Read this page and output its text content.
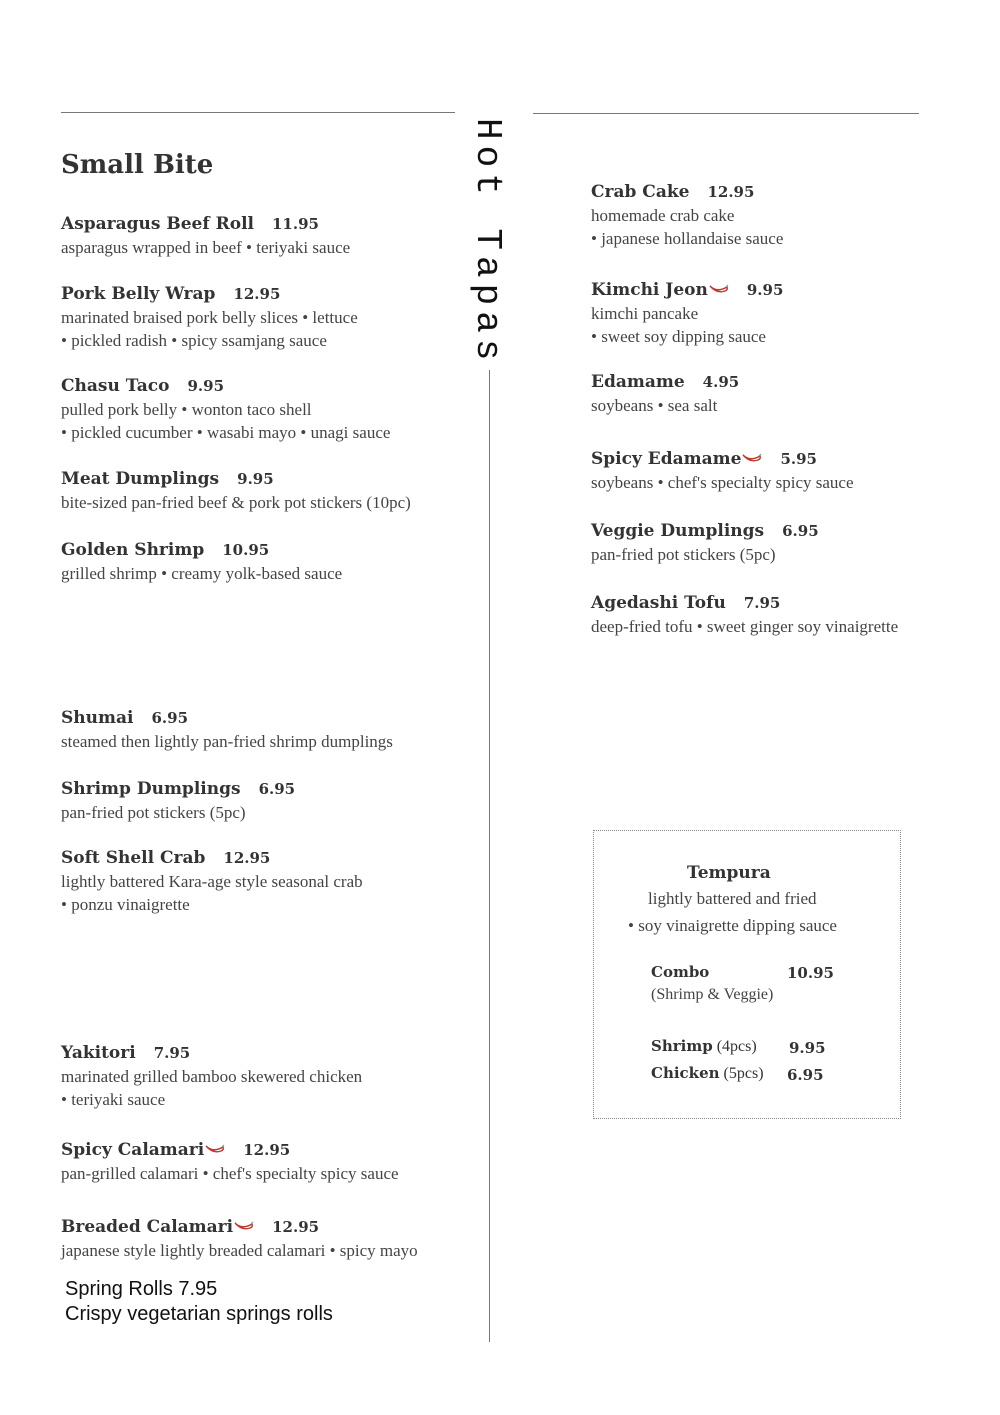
Small Bite	Hot Tapas
Asparagus Beef Roll 11.95
asparagus wrapped in beef • teriyaki sauce
Pork Belly Wrap 12.95
marinated braised pork belly slices • lettuce
• pickled radish • spicy ssamjang sauce
Chasu Taco 9.95
pulled pork belly • wonton taco shell
• pickled cucumber • wasabi mayo • unagi sauce
Meat Dumplings 9.95
bite-sized pan-fried beef & pork pot stickers (10pc)
Golden Shrimp 10.95
grilled shrimp • creamy yolk-based sauce
Shumai 6.95
steamed then lightly pan-fried shrimp dumplings
Shrimp Dumplings 6.95
pan-fried pot stickers (5pc)
Soft Shell Crab 12.95
lightly battered Kara-age style seasonal crab
• ponzu vinaigrette
Yakitori 7.95
marinated grilled bamboo skewered chicken
• teriyaki sauce
Spicy Calamari	12.95
pan-grilled calamari • chef's specialty spicy sauce
Breaded Calamari	12.95
japanese style lightly breaded calamari • spicy mayo
Crab Cake 12.95
homemade crab cake
• japanese hollandaise sauce
Kimchi Jeon	9.95
kimchi pancake
• sweet soy dipping sauce
Edamame 4.95
soybeans • sea salt
Spicy Edamame	5.95
soybeans • chef's specialty spicy sauce
Veggie Dumplings 6.95
pan-fried pot stickers (5pc)
Agedashi Tofu 7.95
deep-fried tofu • sweet ginger soy vinaigrette
Spring Rolls 7.95
Crispy vegetarian springs rolls
Tempura
lightly battered and fried
• soy vinaigrette dipping sauce
Combo	10.95
(Shrimp & Veggie)
Shrimp (4pcs) 9.95
Chicken (5pcs) 6.95
